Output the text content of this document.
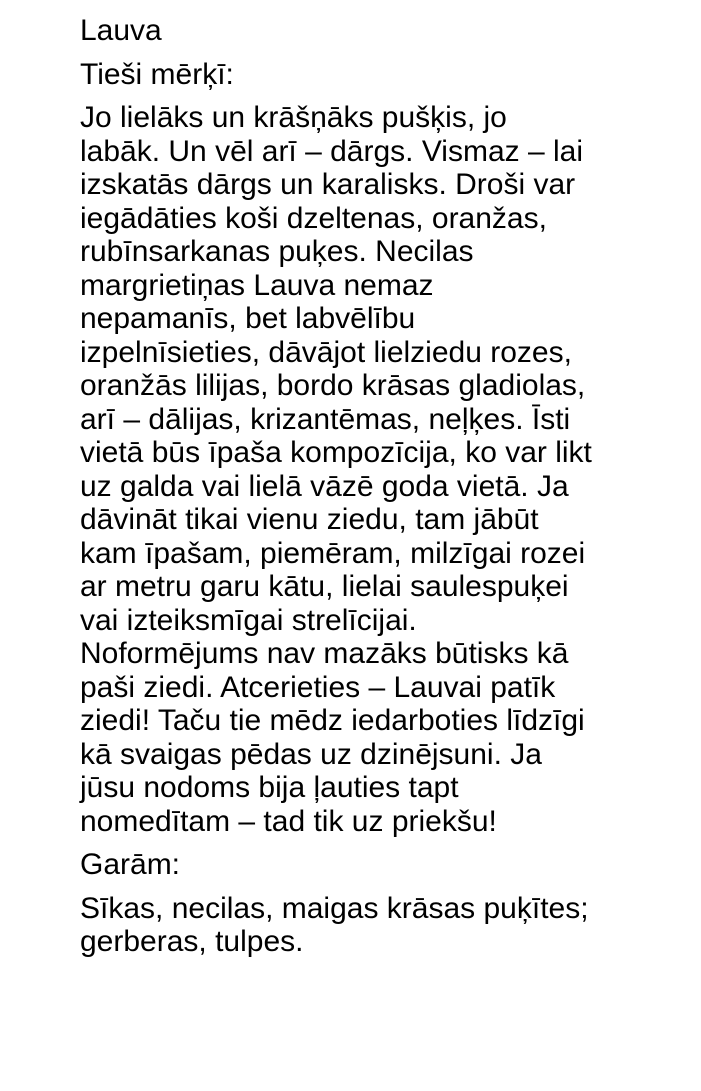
Lauva

Tieši mērķī:

Jo lielāks un krāšņāks pušķis, jo
labāk. Un vēl arī – dārgs. Vismaz – lai
izskatās dārgs un karalisks. Droši var
iegādāties koši dzeltenas, oranžas,
rubīnsarkanas puķes. Necilas
margrietiņas Lauva nemaz
nepamanīs, bet labvēlību
izpelnīsieties, dāvājot lielziedu rozes,
oranžās lilijas, bordo krāsas gladiolas,
arī – dālijas, krizantēmas, neļķes. Īsti
vietā būs īpaša kompozīcija, ko var likt
uz galda vai lielā vāzē goda vietā. Ja
dāvināt tikai vienu ziedu, tam jābūt
kam īpašam, piemēram, milzīgai rozei
ar metru garu kātu, lielai saulespuķei
vai izteiksmīgai strelīcijai.
Noformējums nav mazāks būtisks kā
paši ziedi. Atcerieties – Lauvai patīk
ziedi! Taču tie mēdz iedarboties līdzīgi
kā svaigas pēdas uz dzinējsuni. Ja
jūsu nodoms bija ļauties tapt
nomedītam – tad tik uz priekšu!

Garām:

Sīkas, necilas, maigas krāsas puķītes;
gerberas, tulpes.
